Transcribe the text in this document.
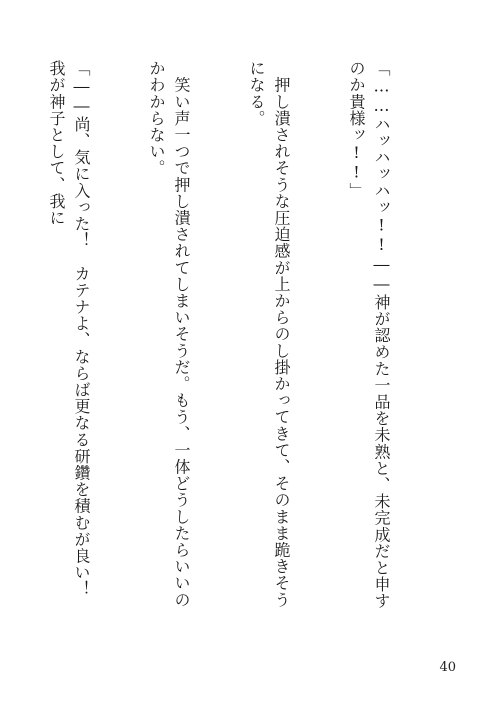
「……ハッハッハッ!!――神が認めた一品を未熟と、未完成だと申すのか貴様ッ!!」

　押し潰されそうな圧迫感が上からのし掛かってきて、そのまま跪きそうになる。

　笑い声一つで押し潰されてしまいそうだ。もう、一体どうしたらいいのかわからない。

「――尚、気に入った！　カテナよ、ならば更なる研鑽を積むが良い！　我が神子として、我に

40
